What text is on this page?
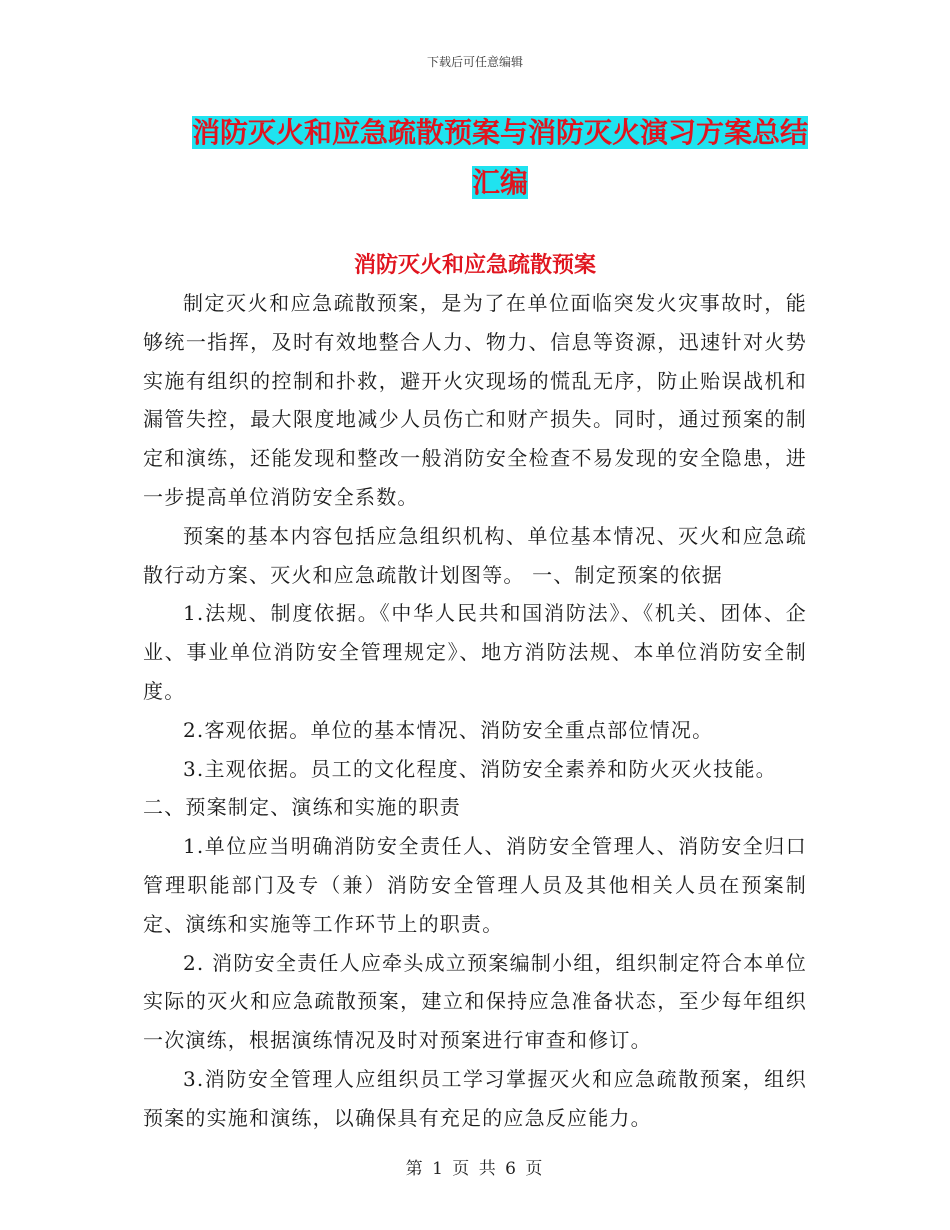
下载后可任意编辑
消防灭火和应急疏散预案与消防灭火演习方案总结汇编
消防灭火和应急疏散预案

制定灭火和应急疏散预案，是为了在单位面临突发火灾事故时，能够统一指挥，及时有效地整合人力、物力、信息等资源，迅速针对火势实施有组织的控制和扑救，避开火灾现场的慌乱无序，防止贻误战机和漏管失控，最大限度地减少人员伤亡和财产损失。同时，通过预案的制定和演练，还能发现和整改一般消防安全检查不易发现的安全隐患，进一步提高单位消防安全系数。

预案的基本内容包括应急组织机构、单位基本情况、灭火和应急疏散行动方案、灭火和应急疏散计划图等。 一、制定预案的依据

1.法规、制度依据。《中华人民共和国消防法》、《机关、团体、企业、事业单位消防安全管理规定》、地方消防法规、本单位消防安全制度。

2.客观依据。单位的基本情况、消防安全重点部位情况。

3.主观依据。员工的文化程度、消防安全素养和防火灭火技能。

二、预案制定、演练和实施的职责

1.单位应当明确消防安全责任人、消防安全管理人、消防安全归口管理职能部门及专（兼）消防安全管理人员及其他相关人员在预案制定、演练和实施等工作环节上的职责。

2. 消防安全责任人应牵头成立预案编制小组，组织制定符合本单位实际的灭火和应急疏散预案，建立和保持应急准备状态，至少每年组织一次演练，根据演练情况及时对预案进行审查和修订。

3.消防安全管理人应组织员工学习掌握灭火和应急疏散预案，组织预案的实施和演练，以确保具有充足的应急反应能力。

第 1 页 共 6 页
